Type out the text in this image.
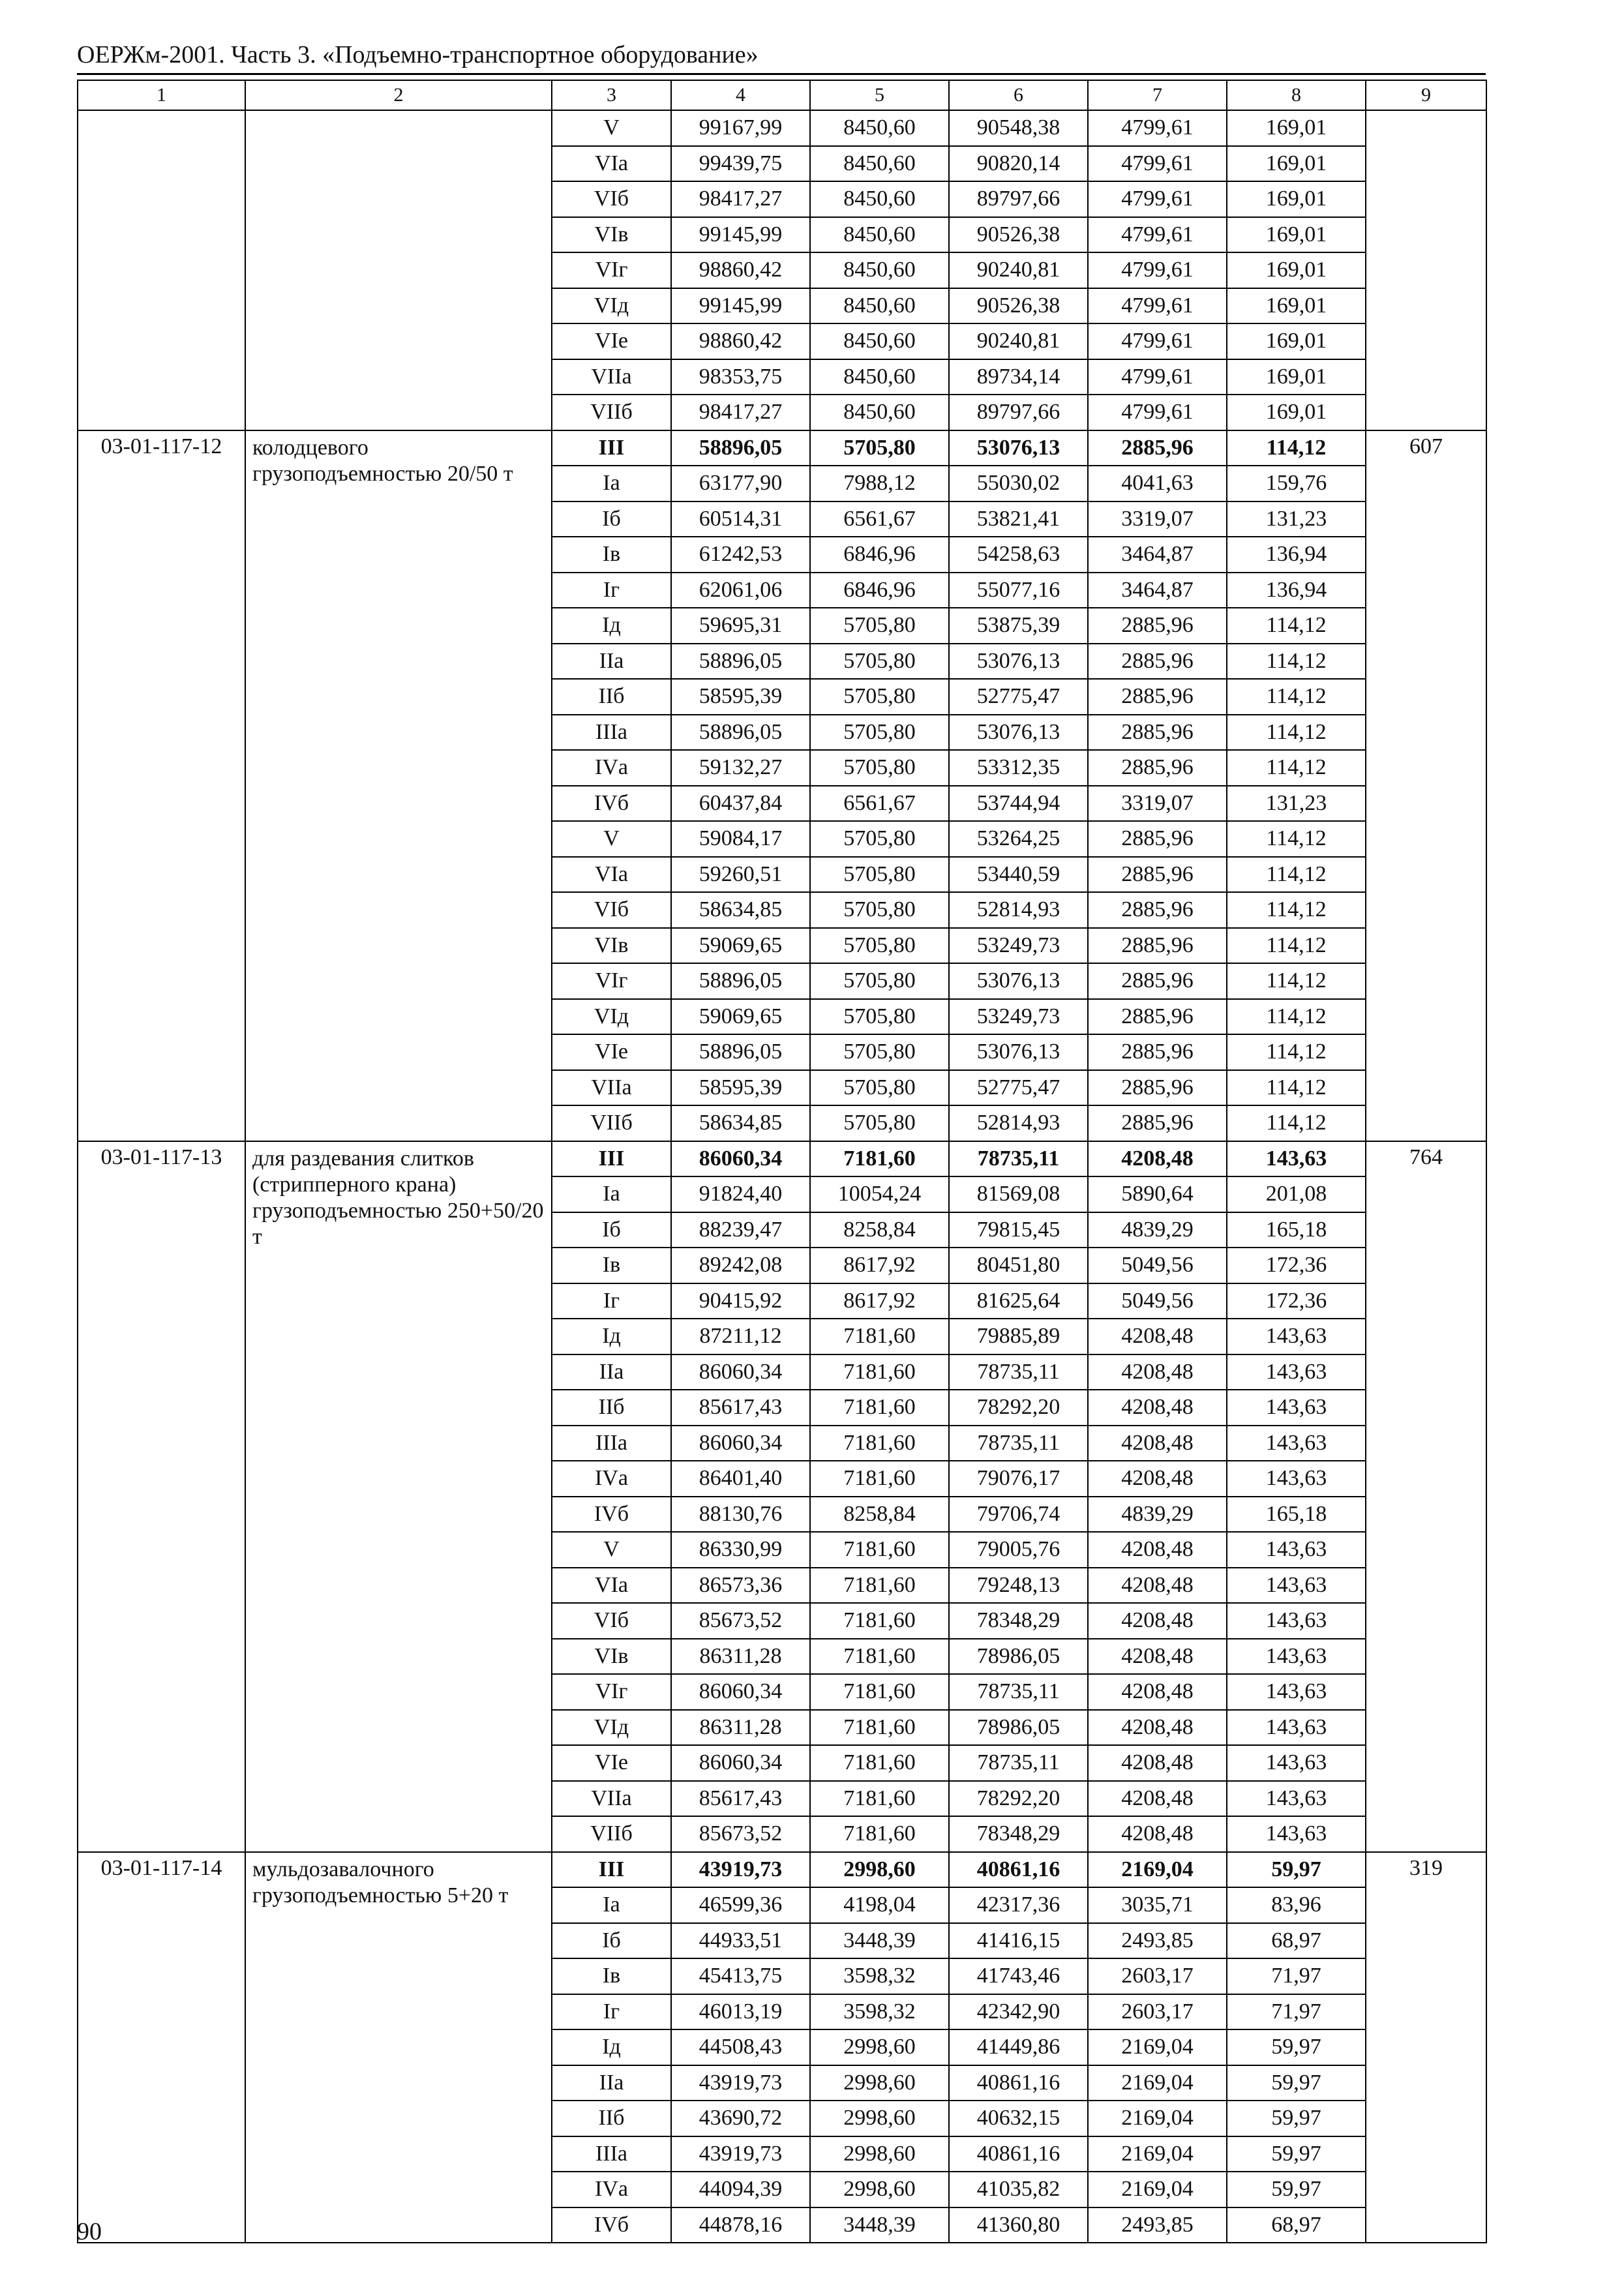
ОЕРЖм-2001. Часть 3. «Подъемно-транспортное оборудование»
1	2	3	4	5	6	7	8	9
		V	99167,99	8450,60	90548,38	4799,61	169,01	
		VIа	99439,75	8450,60	90820,14	4799,61	169,01	
		VIб	98417,27	8450,60	89797,66	4799,61	169,01	
		VIв	99145,99	8450,60	90526,38	4799,61	169,01	
		VIг	98860,42	8450,60	90240,81	4799,61	169,01	
		VIд	99145,99	8450,60	90526,38	4799,61	169,01	
		VIе	98860,42	8450,60	90240,81	4799,61	169,01	
		VIIа	98353,75	8450,60	89734,14	4799,61	169,01	
		VIIб	98417,27	8450,60	89797,66	4799,61	169,01	
03-01-117-12	колодцевого грузоподъемностью 20/50 т	III	58896,05	5705,80	53076,13	2885,96	114,12	607
		Iа	63177,90	7988,12	55030,02	4041,63	159,76	
		Iб	60514,31	6561,67	53821,41	3319,07	131,23	
		Iв	61242,53	6846,96	54258,63	3464,87	136,94	
		Iг	62061,06	6846,96	55077,16	3464,87	136,94	
		Iд	59695,31	5705,80	53875,39	2885,96	114,12	
		IIа	58896,05	5705,80	53076,13	2885,96	114,12	
		IIб	58595,39	5705,80	52775,47	2885,96	114,12	
		IIIа	58896,05	5705,80	53076,13	2885,96	114,12	
		IVа	59132,27	5705,80	53312,35	2885,96	114,12	
		IVб	60437,84	6561,67	53744,94	3319,07	131,23	
		V	59084,17	5705,80	53264,25	2885,96	114,12	
		VIа	59260,51	5705,80	53440,59	2885,96	114,12	
		VIб	58634,85	5705,80	52814,93	2885,96	114,12	
		VIв	59069,65	5705,80	53249,73	2885,96	114,12	
		VIг	58896,05	5705,80	53076,13	2885,96	114,12	
		VIд	59069,65	5705,80	53249,73	2885,96	114,12	
		VIе	58896,05	5705,80	53076,13	2885,96	114,12	
		VIIа	58595,39	5705,80	52775,47	2885,96	114,12	
		VIIб	58634,85	5705,80	52814,93	2885,96	114,12	
03-01-117-13	для раздевания слитков (стрипперного крана) грузоподъемностью 250+50/20 т	III	86060,34	7181,60	78735,11	4208,48	143,63	764
		Iа	91824,40	10054,24	81569,08	5890,64	201,08	
		Iб	88239,47	8258,84	79815,45	4839,29	165,18	
		Iв	89242,08	8617,92	80451,80	5049,56	172,36	
		Iг	90415,92	8617,92	81625,64	5049,56	172,36	
		Iд	87211,12	7181,60	79885,89	4208,48	143,63	
		IIа	86060,34	7181,60	78735,11	4208,48	143,63	
		IIб	85617,43	7181,60	78292,20	4208,48	143,63	
		IIIа	86060,34	7181,60	78735,11	4208,48	143,63	
		IVа	86401,40	7181,60	79076,17	4208,48	143,63	
		IVб	88130,76	8258,84	79706,74	4839,29	165,18	
		V	86330,99	7181,60	79005,76	4208,48	143,63	
		VIа	86573,36	7181,60	79248,13	4208,48	143,63	
		VIб	85673,52	7181,60	78348,29	4208,48	143,63	
		VIв	86311,28	7181,60	78986,05	4208,48	143,63	
		VIг	86060,34	7181,60	78735,11	4208,48	143,63	
		VIд	86311,28	7181,60	78986,05	4208,48	143,63	
		VIе	86060,34	7181,60	78735,11	4208,48	143,63	
		VIIа	85617,43	7181,60	78292,20	4208,48	143,63	
		VIIб	85673,52	7181,60	78348,29	4208,48	143,63	
03-01-117-14	мульдозавалочного грузоподъемностью 5+20 т	III	43919,73	2998,60	40861,16	2169,04	59,97	319
		Iа	46599,36	4198,04	42317,36	3035,71	83,96	
		Iб	44933,51	3448,39	41416,15	2493,85	68,97	
		Iв	45413,75	3598,32	41743,46	2603,17	71,97	
		Iг	46013,19	3598,32	42342,90	2603,17	71,97	
		Iд	44508,43	2998,60	41449,86	2169,04	59,97	
		IIа	43919,73	2998,60	40861,16	2169,04	59,97	
		IIб	43690,72	2998,60	40632,15	2169,04	59,97	
		IIIа	43919,73	2998,60	40861,16	2169,04	59,97	
		IVа	44094,39	2998,60	41035,82	2169,04	59,97	
		IVб	44878,16	3448,39	41360,80	2493,85	68,97	
90
